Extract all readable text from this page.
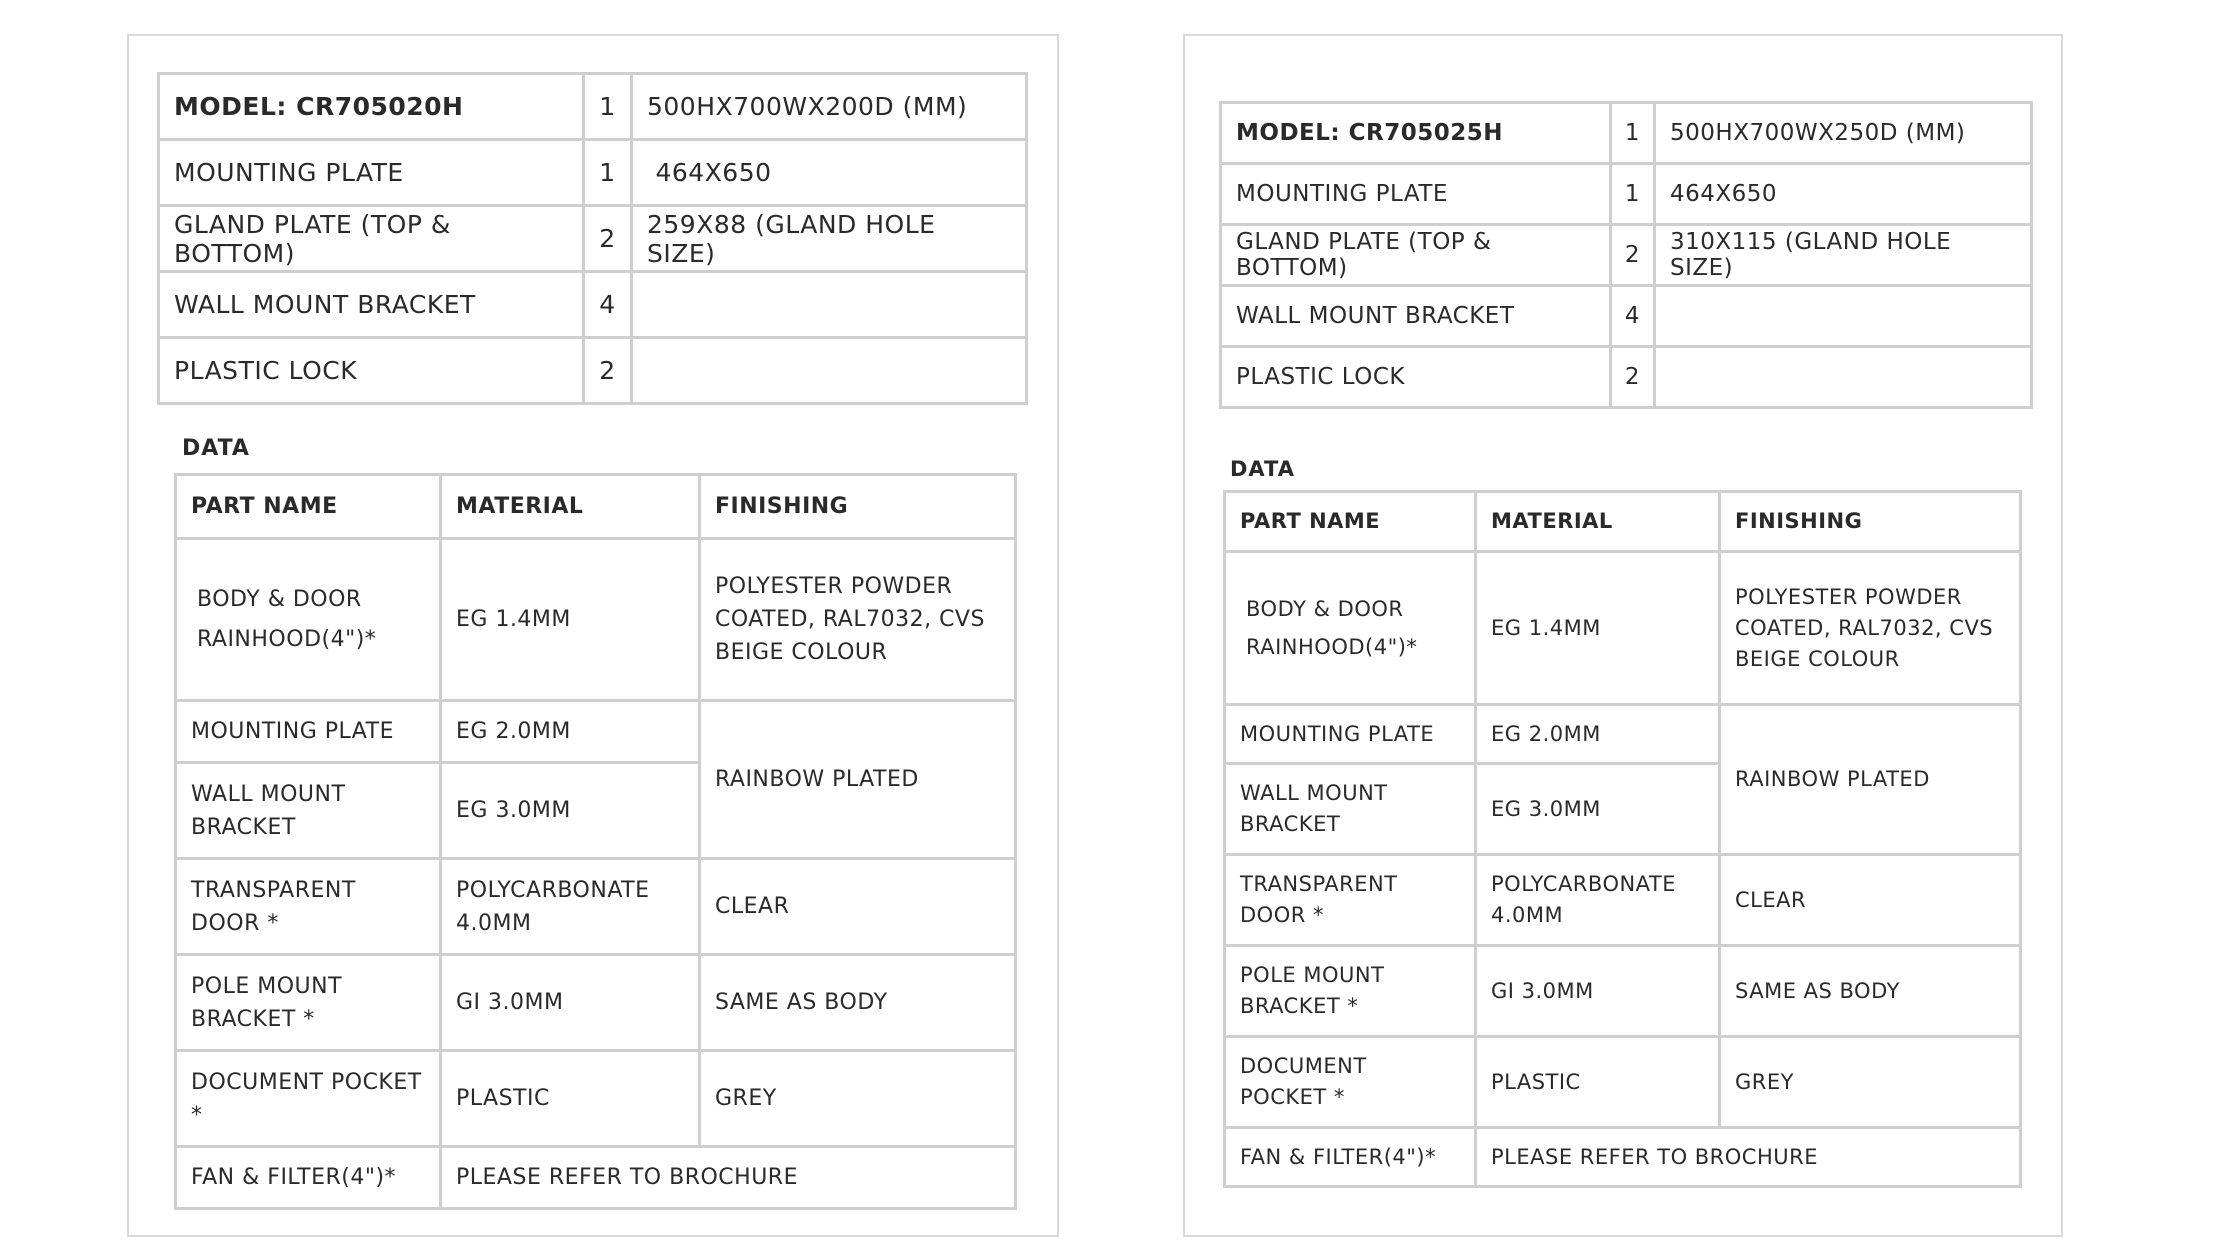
MODEL: CR705020H	1	500HX700WX200D (MM)
MOUNTING PLATE	1	464X650
GLAND PLATE (TOP & BOTTOM)	2	259X88 (GLAND HOLE SIZE)
WALL MOUNT BRACKET	4	
PLASTIC LOCK	2	
DATA
PART NAME	MATERIAL	FINISHING
BODY & DOOR RAINHOOD(4")*	EG 1.4MM	POLYESTER POWDER COATED, RAL7032, CVS BEIGE COLOUR
MOUNTING PLATE	EG 2.0MM	RAINBOW PLATED
WALL MOUNT BRACKET	EG 3.0MM	
TRANSPARENT DOOR *	POLYCARBONATE 4.0MM	CLEAR
POLE MOUNT BRACKET *	GI 3.0MM	SAME AS BODY
DOCUMENT POCKET *	PLASTIC	GREY
FAN & FILTER(4")*	PLEASE REFER TO BROCHURE	
MODEL: CR705025H	1	500HX700WX250D (MM)
MOUNTING PLATE	1	464X650
GLAND PLATE (TOP & BOTTOM)	2	310X115 (GLAND HOLE SIZE)
WALL MOUNT BRACKET	4	
PLASTIC LOCK	2	
DATA
PART NAME	MATERIAL	FINISHING
BODY & DOOR RAINHOOD(4")*	EG 1.4MM	POLYESTER POWDER COATED, RAL7032, CVS BEIGE COLOUR
MOUNTING PLATE	EG 2.0MM	RAINBOW PLATED
WALL MOUNT BRACKET	EG 3.0MM	
TRANSPARENT DOOR *	POLYCARBONATE 4.0MM	CLEAR
POLE MOUNT BRACKET *	GI 3.0MM	SAME AS BODY
DOCUMENT POCKET *	PLASTIC	GREY
FAN & FILTER(4")*	PLEASE REFER TO BROCHURE	
